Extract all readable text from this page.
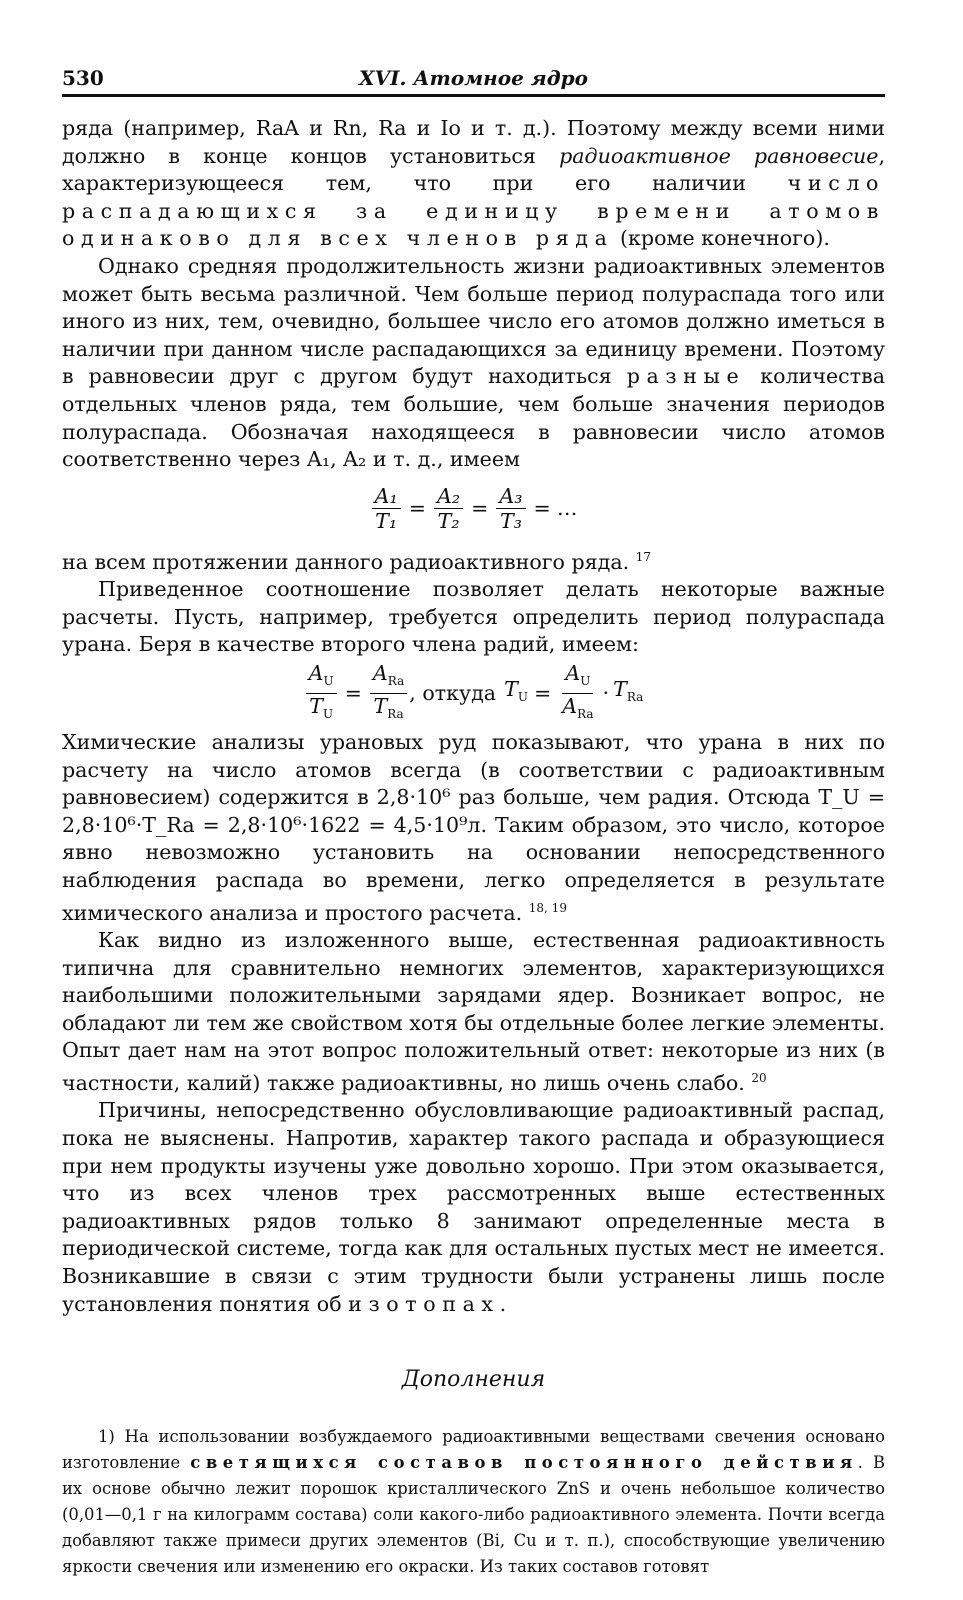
530	XVI. Атомное ядро

ряда (например, RaA и Rn, Ra и Io и т. д.). Поэтому между всеми ними должно в конце концов установиться радиоактивное равновесие, характеризующееся тем, что при его наличии число распадающихся за единицу времени атомов одинаково для всех членов ряда (кроме конечного).

Однако средняя продолжительность жизни радиоактивных элементов может быть весьма различной. Чем больше период полураспада того или иного из них, тем, очевидно, большее число его атомов должно иметься в наличии при данном числе распадающихся за единицу времени. Поэтому в равновесии друг с другом будут находиться разные количества отдельных членов ряда, тем большие, чем больше значения периодов полураспада. Обозначая находящееся в равновесии число атомов соответственно через A₁, A₂ и т. д., имеем

$\frac{\text{A₁}}{\text{T₁}} = \frac{\text{A₂}}{\text{T₂}} = \frac{\text{A₃}}{\text{T₃}}$ = …

на всем протяжении данного радиоактивного ряда. $^{17}$

Приведенное соотношение позволяет делать некоторые важные расчеты. Пусть, например, требуется определить период полураспада урана. Беря в качестве второго члена радий, имеем:

$\frac{A_U}{T_U} = \frac{A_{Ra}}{T_{Ra}}$ , откуда $T_U = \frac{A_U}{A_{Ra}} \cdot T_{Ra}$

Химические анализы урановых руд показывают, что урана в них по расчету на число атомов всегда (в соответствии с радиоактивным равновесием) содержится в 2,8·10⁶ раз больше, чем радия. Отсюда T_U = 2,8·10⁶·T_Ra = 2,8·10⁶·1622 = 4,5·10⁹л. Таким образом, это число, которое явно невозможно установить на основании непосредственного наблюдения распада во времени, легко определяется в результате химического анализа и простого расчета. $^{18, 19}$

Как видно из изложенного выше, естественная радиоактивность типична для сравнительно немногих элементов, характеризующихся наибольшими положительными зарядами ядер. Возникает вопрос, не обладают ли тем же свойством хотя бы отдельные более легкие элементы. Опыт дает нам на этот вопрос положительный ответ: некоторые из них (в частности, калий) также радиоактивны, но лишь очень слабо. $^{20}$

Причины, непосредственно обусловливающие радиоактивный распад, пока не выяснены. Напротив, характер такого распада и образующиеся при нем продукты изучены уже довольно хорошо. При этом оказывается, что из всех членов трех рассмотренных выше естественных радиоактивных рядов только 8 занимают определенные места в периодической системе, тогда как для остальных пустых мест не имеется. Возникавшие в связи с этим трудности были устранены лишь после установления понятия об изотопах.

Дополнения

1) На использовании возбуждаемого радиоактивными веществами свечения основано изготовление светящихся составов постоянного действия. В их основе обычно лежит порошок кристаллического ZnS и очень небольшое количество (0,01—0,1 г на килограмм состава) соли какого-либо радиоактивного элемента. Почти всегда добавляют также примеси других элементов (Bi, Cu и т. п.), способствующие увеличению яркости свечения или изменению его окраски. Из таких составов готовят
